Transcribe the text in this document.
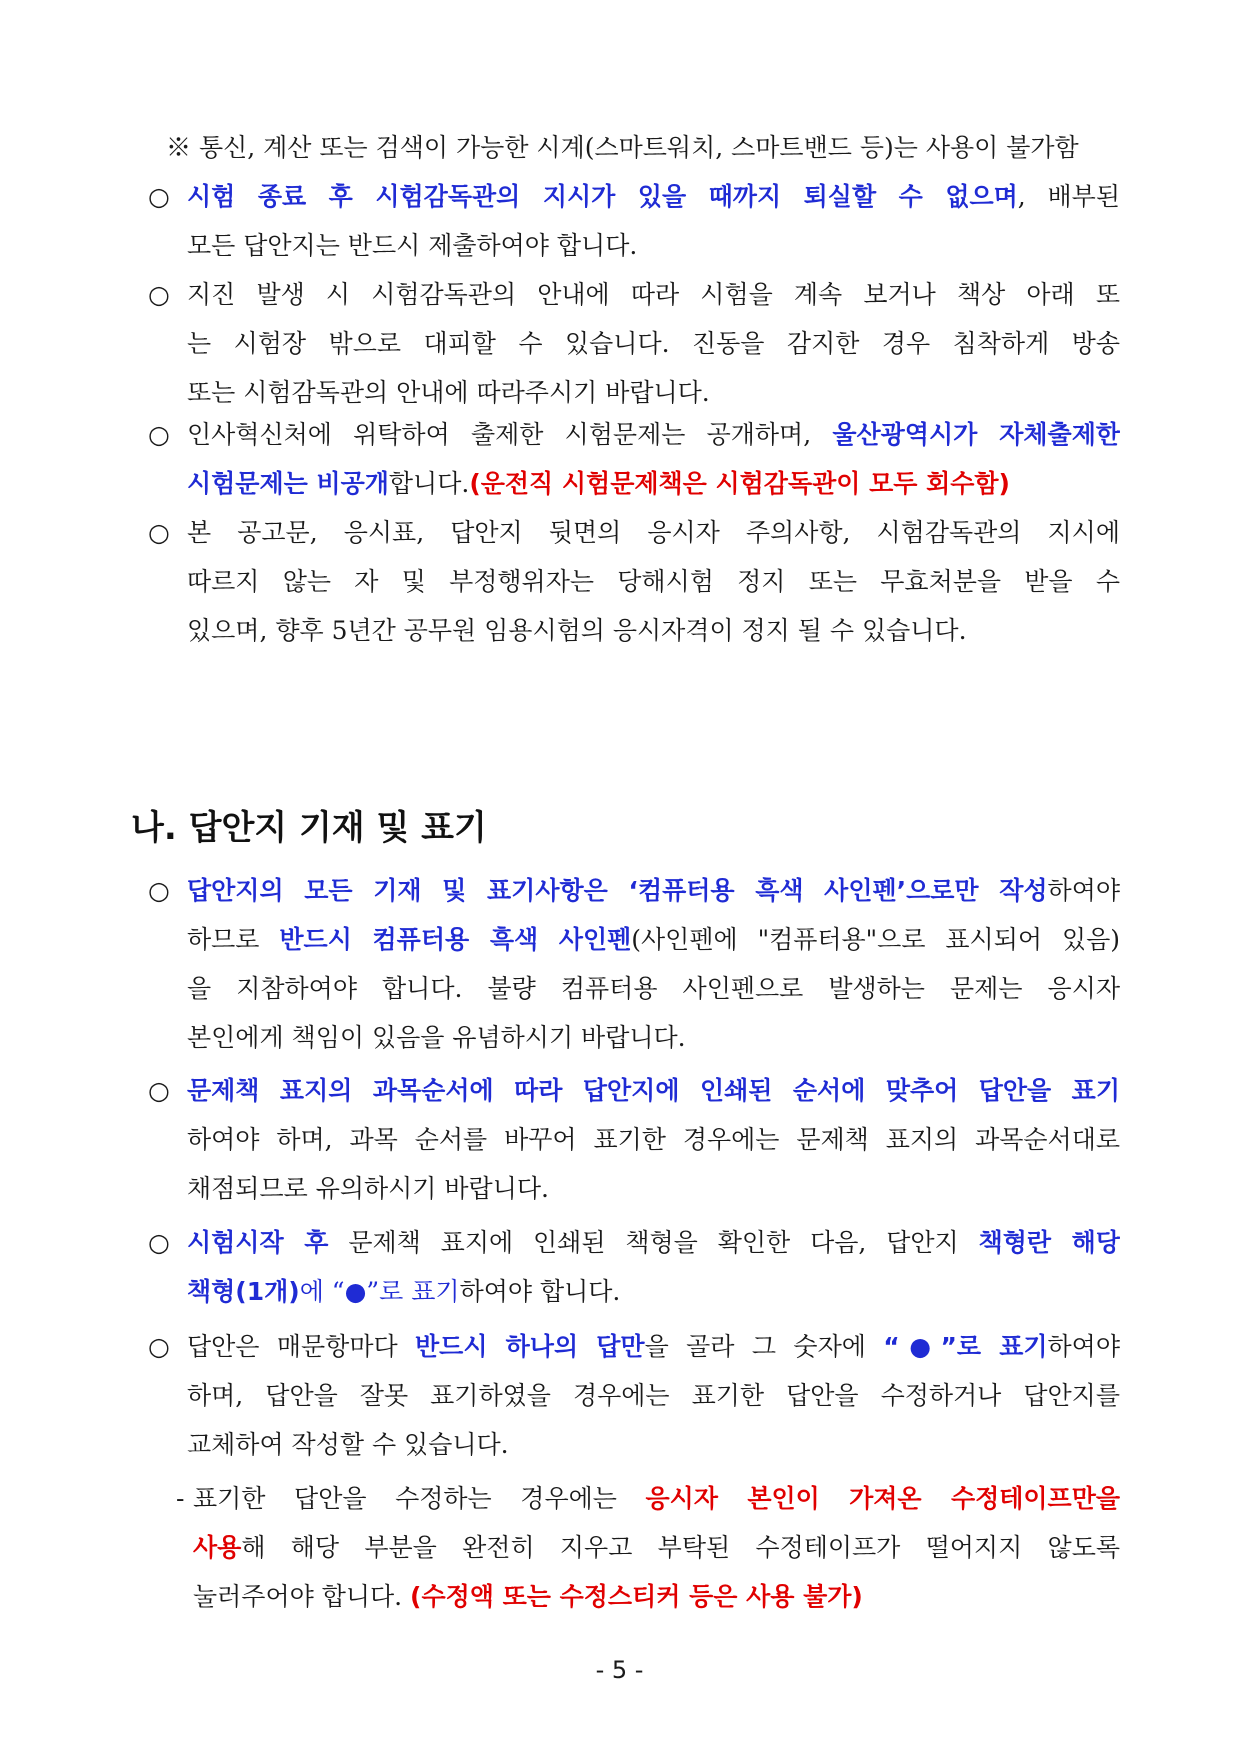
※ 통신, 계산 또는 검색이 가능한 시계(스마트워치, 스마트밴드 등)는 사용이 불가함
○ 시험 종료 후 시험감독관의 지시가 있을 때까지 퇴실할 수 없으며, 배부된
모든 답안지는 반드시 제출하여야 합니다.
○ 지진 발생 시 시험감독관의 안내에 따라 시험을 계속 보거나 책상 아래 또
는 시험장 밖으로 대피할 수 있습니다. 진동을 감지한 경우 침착하게 방송
또는 시험감독관의 안내에 따라주시기 바랍니다.
○ 인사혁신처에 위탁하여 출제한 시험문제는 공개하며, 울산광역시가 자체출제한
시험문제는 비공개합니다.(운전직 시험문제책은 시험감독관이 모두 회수함)
○ 본 공고문, 응시표, 답안지 뒷면의 응시자 주의사항, 시험감독관의 지시에
따르지 않는 자 및 부정행위자는 당해시험 정지 또는 무효처분을 받을 수
있으며, 향후 5년간 공무원 임용시험의 응시자격이 정지 될 수 있습니다.
나. 답안지 기재 및 표기
○ 답안지의 모든 기재 및 표기사항은 ‘컴퓨터용 흑색 사인펜’으로만 작성하여야
하므로 반드시 컴퓨터용 흑색 사인펜(사인펜에 "컴퓨터용"으로 표시되어 있음)
을 지참하여야 합니다. 불량 컴퓨터용 사인펜으로 발생하는 문제는 응시자
본인에게 책임이 있음을 유념하시기 바랍니다.
○ 문제책 표지의 과목순서에 따라 답안지에 인쇄된 순서에 맞추어 답안을 표기
하여야 하며, 과목 순서를 바꾸어 표기한 경우에는 문제책 표지의 과목순서대로
채점되므로 유의하시기 바랍니다.
○ 시험시작 후 문제책 표지에 인쇄된 책형을 확인한 다음, 답안지 책형란 해당
책형(1개)에 “●”로 표기하여야 합니다.
○ 답안은 매문항마다 반드시 하나의 답만을 골라 그 숫자에 “●”로 표기하여야
하며, 답안을 잘못 표기하였을 경우에는 표기한 답안을 수정하거나 답안지를
교체하여 작성할 수 있습니다.
- 표기한 답안을 수정하는 경우에는 응시자 본인이 가져온 수정테이프만을
사용해 해당 부분을 완전히 지우고 부탁된 수정테이프가 떨어지지 않도록
눌러주어야 합니다. (수정액 또는 수정스티커 등은 사용 불가)
- 5 -
